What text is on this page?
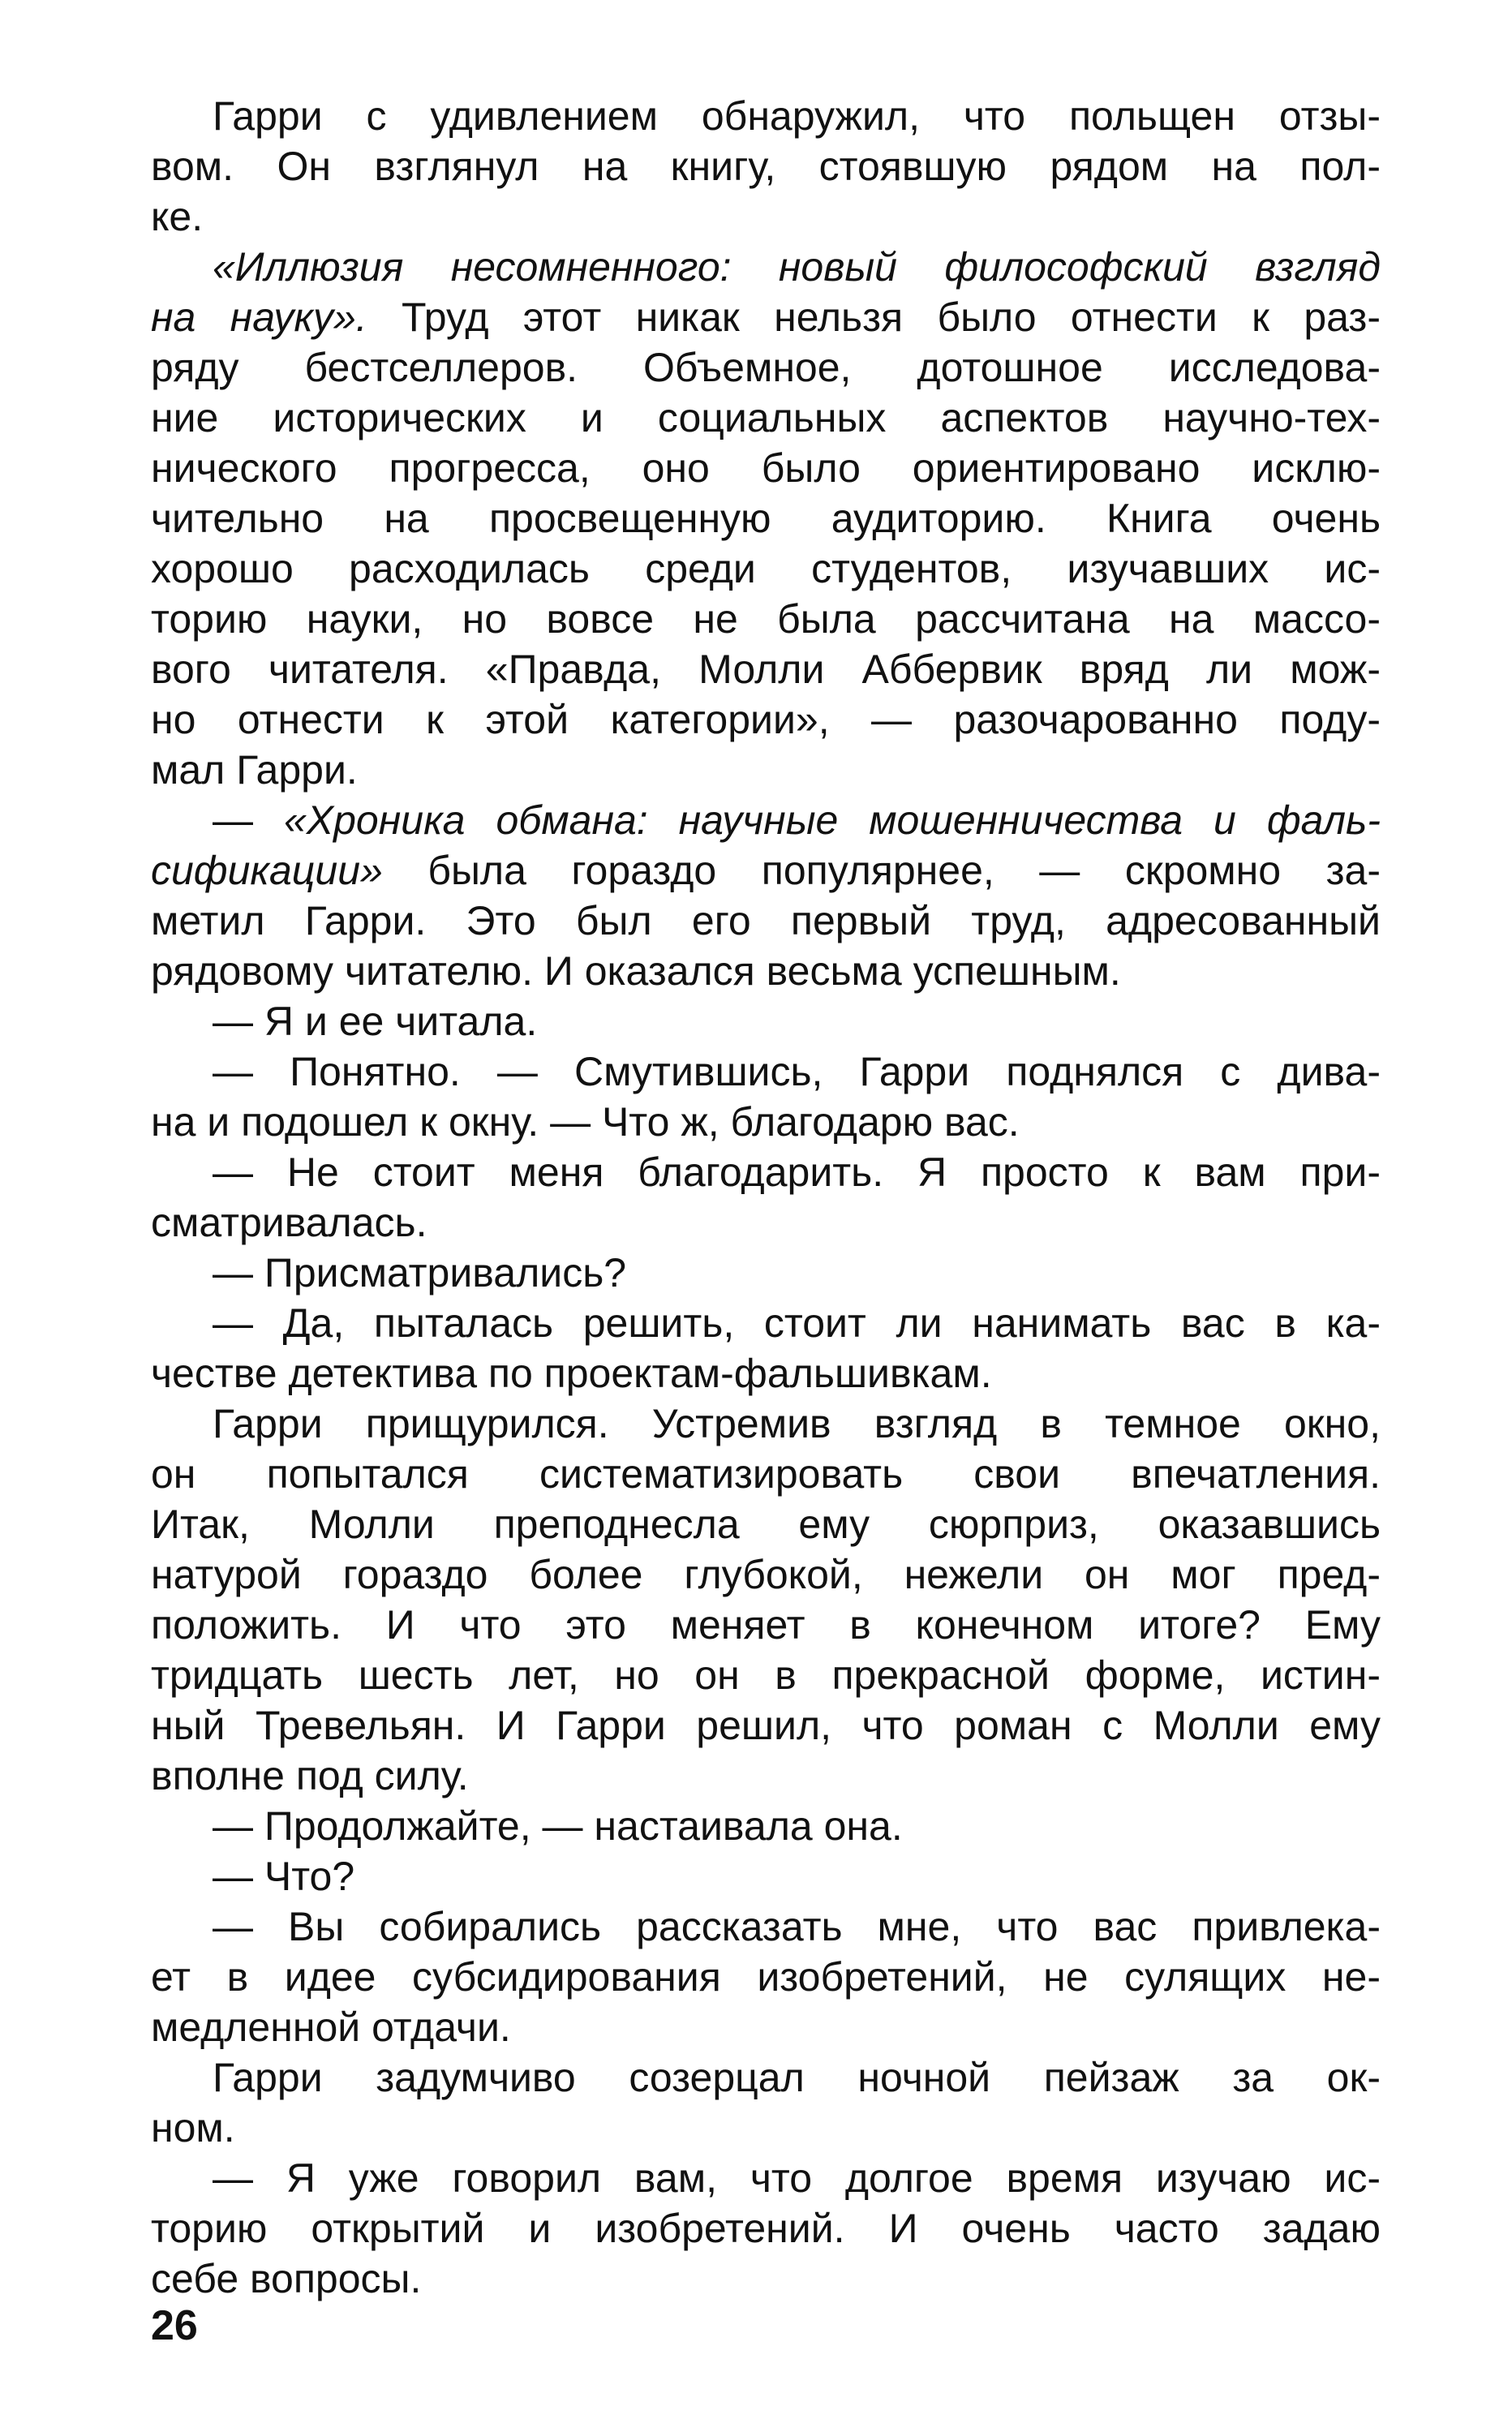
Гарри с удивлением обнаружил, что польщен отзы-
вом. Он взглянул на книгу, стоявшую рядом на пол-
ке.
«Иллюзия несомненного: новый философский взгляд
на науку». Труд этот никак нельзя было отнести к раз-
ряду бестселлеров. Объемное, дотошное исследова-
ние исторических и социальных аспектов научно-тех-
нического прогресса, оно было ориентировано исклю-
чительно на просвещенную аудиторию. Книга очень
хорошо расходилась среди студентов, изучавших ис-
торию науки, но вовсе не была рассчитана на массо-
вого читателя. «Правда, Молли Аббервик вряд ли мож-
но отнести к этой категории», — разочарованно поду-
мал Гарри.
— «Хроника обмана: научные мошенничества и фаль-
сификации» была гораздо популярнее, — скромно за-
метил Гарри. Это был его первый труд, адресованный
рядовому читателю. И оказался весьма успешным.
— Я и ее читала.
— Понятно. — Смутившись, Гарри поднялся с дива-
на и подошел к окну. — Что ж, благодарю вас.
— Не стоит меня благодарить. Я просто к вам при-
сматривалась.
— Присматривались?
— Да, пыталась решить, стоит ли нанимать вас в ка-
честве детектива по проектам-фальшивкам.
Гарри прищурился. Устремив взгляд в темное окно,
он попытался систематизировать свои впечатления.
Итак, Молли преподнесла ему сюрприз, оказавшись
натурой гораздо более глубокой, нежели он мог пред-
положить. И что это меняет в конечном итоге? Ему
тридцать шесть лет, но он в прекрасной форме, истин-
ный Тревельян. И Гарри решил, что роман с Молли ему
вполне под силу.
— Продолжайте, — настаивала она.
— Что?
— Вы собирались рассказать мне, что вас привлека-
ет в идее субсидирования изобретений, не сулящих не-
медленной отдачи.
Гарри задумчиво созерцал ночной пейзаж за ок-
ном.
— Я уже говорил вам, что долгое время изучаю ис-
торию открытий и изобретений. И очень часто задаю
себе вопросы.
26
